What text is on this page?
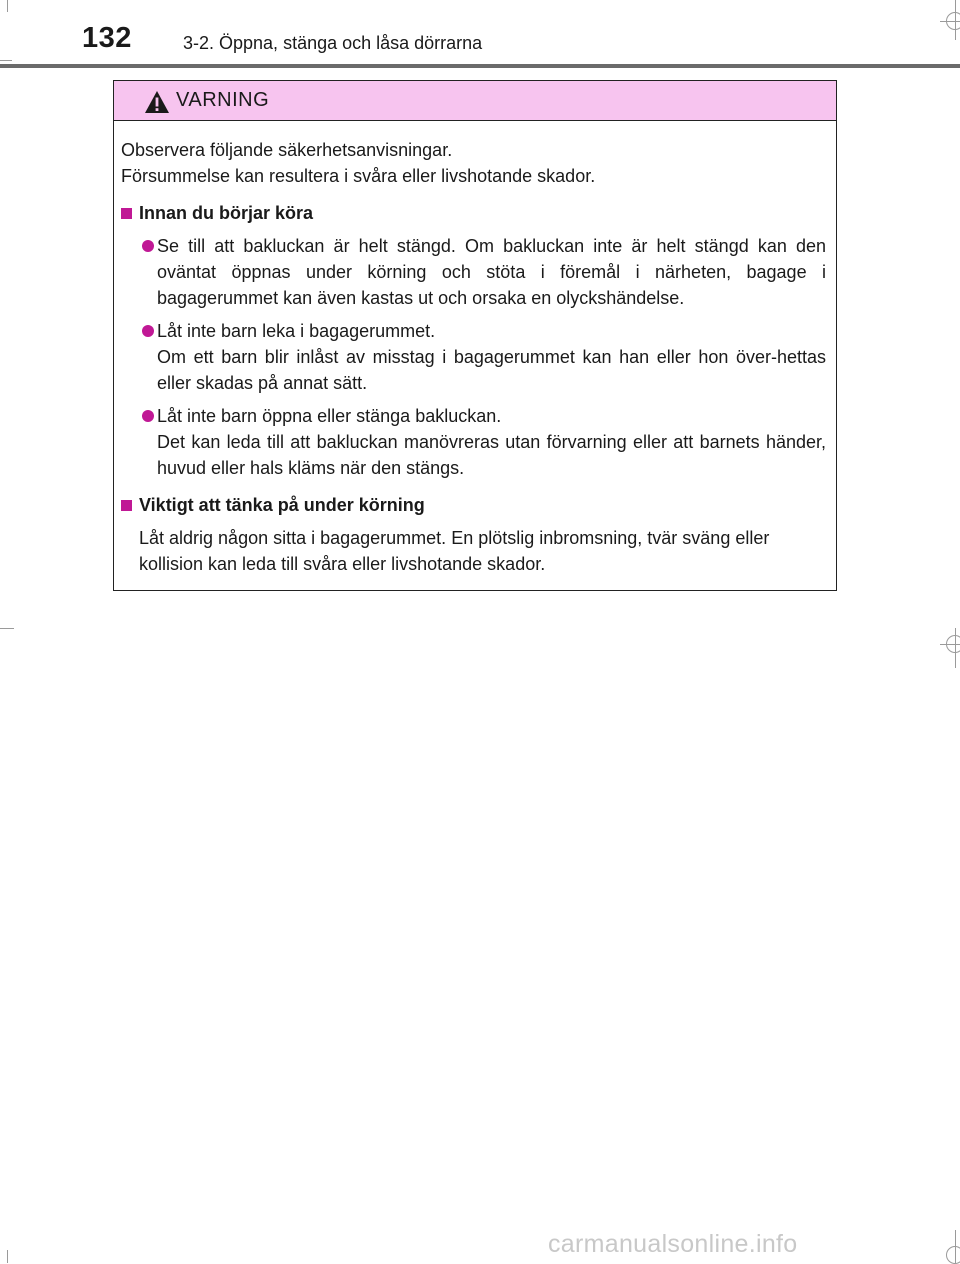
132	3-2. Öppna, stänga och låsa dörrarna
VARNING

Observera följande säkerhetsanvisningar.

Försummelse kan resultera i svåra eller livshotande skador.

Innan du börjar köra

Se till att bakluckan är helt stängd. Om bakluckan inte är helt stängd kan den oväntat öppnas under körning och stöta i föremål i närheten, bagage i bagagerummet kan även kastas ut och orsaka en olyckshändelse.

Låt inte barn leka i bagagerummet.

Om ett barn blir inlåst av misstag i bagagerummet kan han eller hon över-hettas eller skadas på annat sätt.

Låt inte barn öppna eller stänga bakluckan.

Det kan leda till att bakluckan manövreras utan förvarning eller att barnets händer, huvud eller hals kläms när den stängs.

Viktigt att tänka på under körning

Låt aldrig någon sitta i bagagerummet. En plötslig inbromsning, tvär sväng eller kollision kan leda till svåra eller livshotande skador.

carmanualsonline.info
